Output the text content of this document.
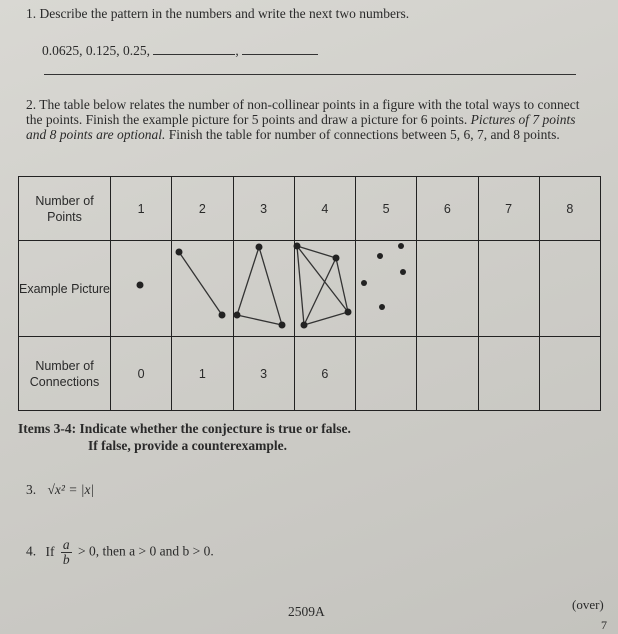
1. Describe the pattern in the numbers and write the next two numbers.
0.0625, 0.125, 0.25,	,
2. The table below relates the number of non-collinear points in a figure with the total ways to connect the points. Finish the example picture for 5 points and draw a picture for 6 points. Pictures of 7 points and 8 points are optional. Finish the table for number of connections between 5, 6, 7, and 8 points.
Number of Points	1	2	3	4	5	6	7	8
Example Picture								
Number of Connections	0	1	3	6				
Items 3-4: Indicate whether the conjecture is true or false.
If false, provide a counterexample.
3. √x² = |x|
4. If $\frac{a}{b} > 0$, then a > 0 and b > 0.
2509A	(over)
7
